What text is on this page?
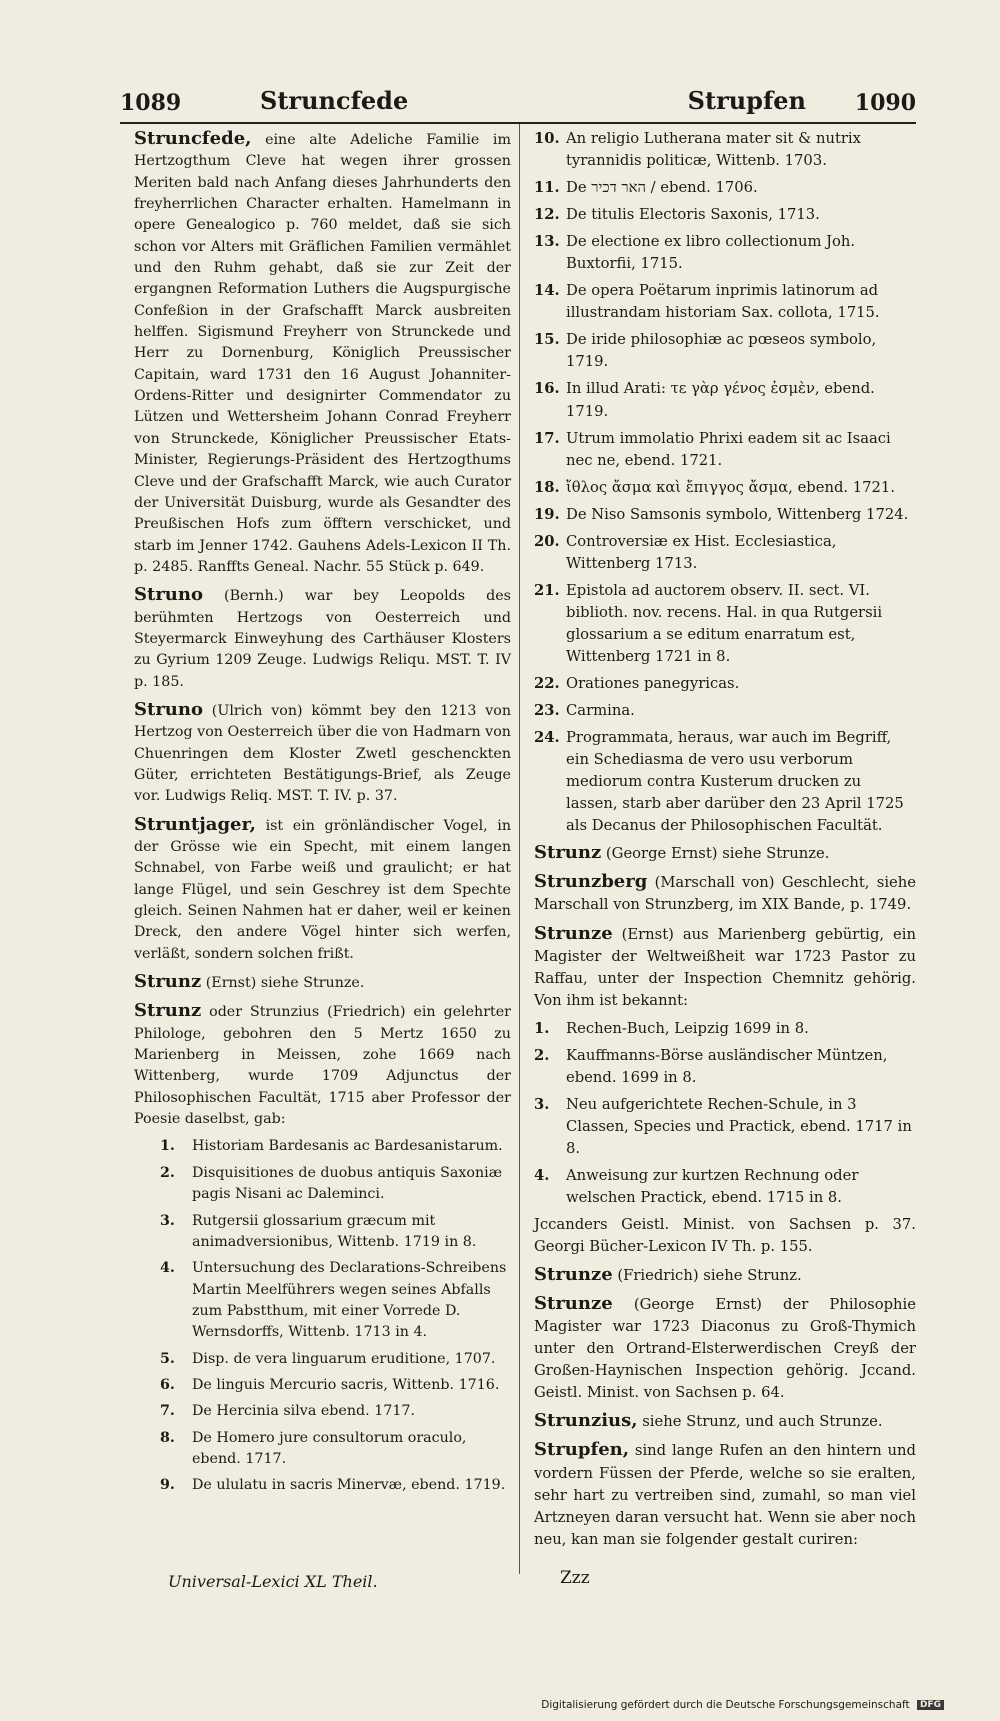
1089	Struncfede	Strupfen 1090

Struncfede, eine alte Adeliche Familie im Hertzogthum Cleve hat wegen ihrer grossen Meriten bald nach Anfang dieses Jahrhunderts den freyherrlichen Character erhalten. Hamelmann in opere Genealogico p. 760 meldet, daß sie sich schon vor Alters mit Gräflichen Familien vermählet und den Ruhm gehabt, daß sie zur Zeit der ergangnen Reformation Luthers die Augspurgische Confeßion in der Grafschafft Marck ausbreiten helffen. Sigismund Freyherr von Strunckede und Herr zu Dornenburg, Königlich Preussischer Capitain, ward 1731 den 16 August Johanniter-Ordens-Ritter und designirter Commendator zu Lützen und Wettersheim Johann Conrad Freyherr von Strunckede, Königlicher Preussischer Etats-Minister, Regierungs-Präsident des Hertzogthums Cleve und der Grafschafft Marck, wie auch Curator der Universität Duisburg, wurde als Gesandter des Preußischen Hofs zum öfftern verschicket, und starb im Jenner 1742. Gauhens Adels-Lexicon II Th. p. 2485. Ranffts Geneal. Nachr. 55 Stück p. 649.

Struno (Bernh.) war bey Leopolds des berühmten Hertzogs von Oesterreich und Steyermarck Einweyhung des Carthäuser Klosters zu Gyrium 1209 Zeuge. Ludwigs Reliqu. MST. T. IV p. 185.

Struno (Ulrich von) kömmt bey den 1213 von Hertzog von Oesterreich über die von Hadmarn von Chuenringen dem Kloster Zwetl geschenckten Güter, errichteten Bestätigungs-Brief, als Zeuge vor. Ludwigs Reliq. MST. T. IV. p. 37.

Struntjager, ist ein grönländischer Vogel, in der Grösse wie ein Specht, mit einem langen Schnabel, von Farbe weiß und graulicht; er hat lange Flügel, und sein Geschrey ist dem Spechte gleich. Seinen Nahmen hat er daher, weil er keinen Dreck, den andere Vögel hinter sich werfen, verläßt, sondern solchen frißt.

Strunz (Ernst) siehe Strunze.

Strunz oder Strunzius (Friedrich) ein gelehrter Philologe, gebohren den 5 Mertz 1650 zu Marienberg in Meissen, zohe 1669 nach Wittenberg, wurde 1709 Adjunctus der Philosophischen Facultät, 1715 aber Professor der Poesie daselbst, gab:

1. Historiam Bardesanis ac Bardesanistarum.
2. Disquisitiones de duobus antiquis Saxoniæ pagis Nisani ac Daleminci.
3. Rutgersii glossarium græcum mit animadversionibus, Wittenb. 1719 in 8.
4. Untersuchung des Declarations-Schreibens Martin Meelführers wegen seines Abfalls zum Pabstthum, mit einer Vorrede D. Wernsdorffs, Wittenb. 1713 in 4.
5. Disp. de vera linguarum eruditione, 1707.
6. De linguis Mercurio sacris, Wittenb. 1716.
7. De Hercinia silva ebend. 1717.
8. De Homero jure consultorum oraculo, ebend. 1717.
9. De ululatu in sacris Minervæ, ebend. 1719.
10. An religio Lutherana mater sit & nutrix tyrannidis politicæ, Wittenb. 1703.
11. De האר דכיר / ebend. 1706.
12. De titulis Electoris Saxonis, 1713.
13. De electione ex libro collectionum Joh. Buxtorfii, 1715.
14. De opera Poëtarum inprimis latinorum ad illustrandam historiam Sax. collota, 1715.
15. De iride philosophiæ ac pœseos symbolo, 1719.
16. In illud Arati: τε γὰρ γένος ἐσμὲν, ebend. 1719.
17. Utrum immolatio Phrixi eadem sit ac Isaaci nec ne, ebend. 1721.
18. ἴθλος ἄσμα καὶ ἔπιγγος ἄσμα, ebend. 1721.
19. De Niso Samsonis symbolo, Wittenberg 1724.
20. Controversiæ ex Hist. Ecclesiastica, Wittenberg 1713.
21. Epistola ad auctorem observ. II. sect. VI. biblioth. nov. recens. Hal. in qua Rutgersii glossarium a se editum enarratum est, Wittenberg 1721 in 8.
22. Orationes panegyricas.
23. Carmina.
24. Programmata, heraus, war auch im Begriff, ein Schediasma de vero usu verborum mediorum contra Kusterum drucken zu lassen, starb aber darüber den 23 April 1725 als Decanus der Philosophischen Facultät.

Strunz (George Ernst) siehe Strunze.

Strunzberg (Marschall von) Geschlecht, siehe Marschall von Strunzberg, im XIX Bande, p. 1749.

Strunze (Ernst) aus Marienberg gebürtig, ein Magister der Weltweißheit war 1723 Pastor zu Raffau, unter der Inspection Chemnitz gehörig. Von ihm ist bekannt:

1. Rechen-Buch, Leipzig 1699 in 8.
2. Kauffmanns-Börse ausländischer Müntzen, ebend. 1699 in 8.
3. Neu aufgerichtete Rechen-Schule, in 3 Classen, Species und Practick, ebend. 1717 in 8.
4. Anweisung zur kurtzen Rechnung oder welschen Practick, ebend. 1715 in 8.

Jccanders Geistl. Minist. von Sachsen p. 37. Georgi Bücher-Lexicon IV Th. p. 155.

Strunze (Friedrich) siehe Strunz.

Strunze (George Ernst) der Philosophie Magister war 1723 Diaconus zu Groß-Thymich unter den Ortrand-Elsterwerdischen Creyß der Großen-Haynischen Inspection gehörig. Jccand. Geistl. Minist. von Sachsen p. 64.

Strunzius, siehe Strunz, und auch Strunze.

Strupfen, sind lange Rufen an den hintern und vordern Füssen der Pferde, welche so sie eralten, sehr hart zu vertreiben sind, zumahl, so man viel Artzneyen daran versucht hat. Wenn sie aber noch neu, kan man sie folgender gestalt curiren:

Universal-Lexici XL Theil.	Zzz
Digitalisierung gefördert durch die Deutsche Forschungsgemeinschaft DFG
